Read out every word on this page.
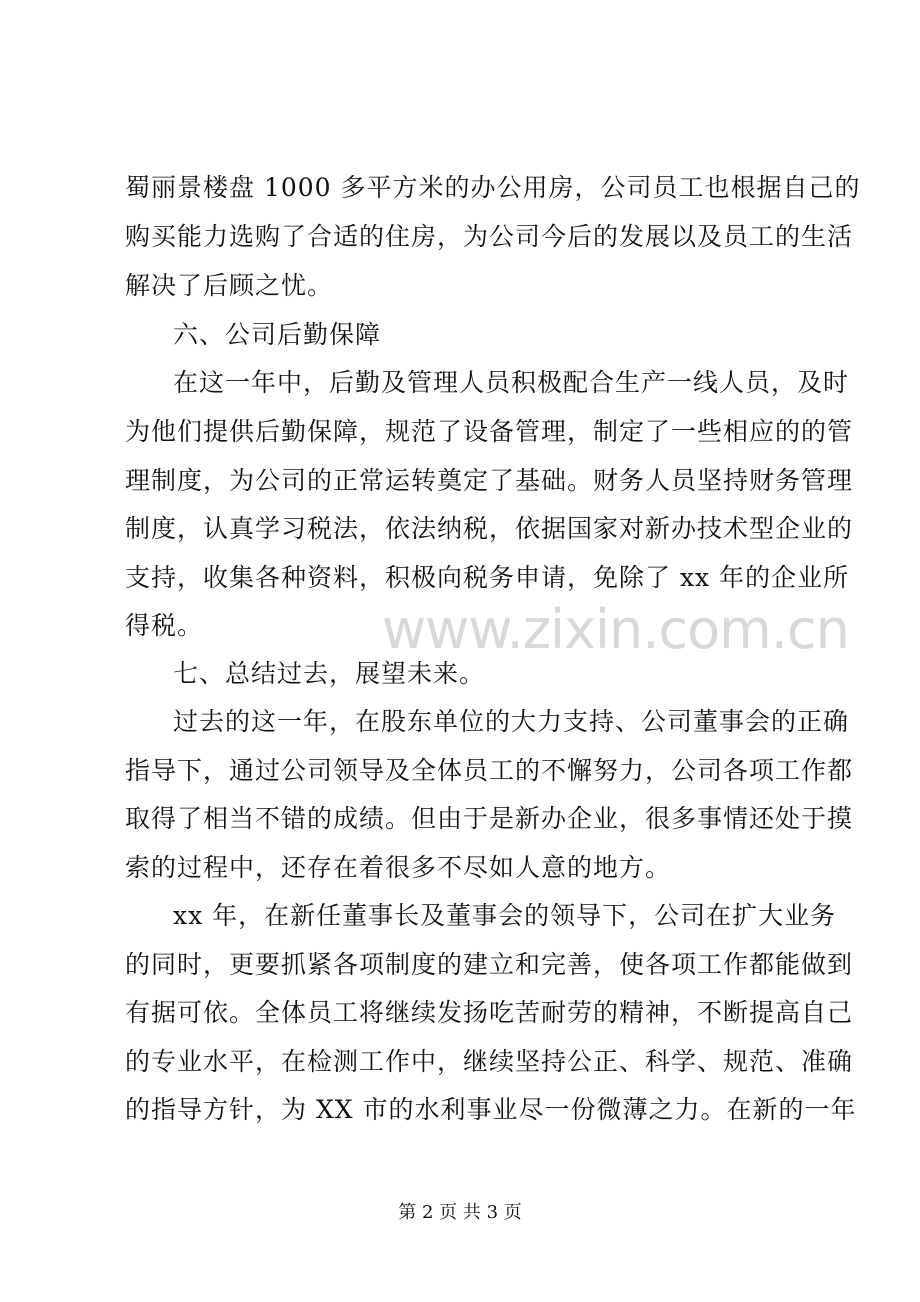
www.zixin.com.cn
蜀丽景楼盘 1000 多平方米的办公用房，公司员工也根据自己的
购买能力选购了合适的住房，为公司今后的发展以及员工的生活
解决了后顾之忧。
六、公司后勤保障
在这一年中，后勤及管理人员积极配合生产一线人员，及时
为他们提供后勤保障，规范了设备管理，制定了一些相应的的管
理制度，为公司的正常运转奠定了基础。财务人员坚持财务管理
制度，认真学习税法，依法纳税，依据国家对新办技术型企业的
支持，收集各种资料，积极向税务申请，免除了 xx 年的企业所
得税。
七、总结过去，展望未来。
过去的这一年，在股东单位的大力支持、公司董事会的正确
指导下，通过公司领导及全体员工的不懈努力，公司各项工作都
取得了相当不错的成绩。但由于是新办企业，很多事情还处于摸
索的过程中，还存在着很多不尽如人意的地方。
xx 年，在新任董事长及董事会的领导下，公司在扩大业务
的同时，更要抓紧各项制度的建立和完善，使各项工作都能做到
有据可依。全体员工将继续发扬吃苦耐劳的精神，不断提高自己
的专业水平，在检测工作中，继续坚持公正、科学、规范、准确
的指导方针，为 XX 市的水利事业尽一份微薄之力。在新的一年
第 2 页 共 3 页
